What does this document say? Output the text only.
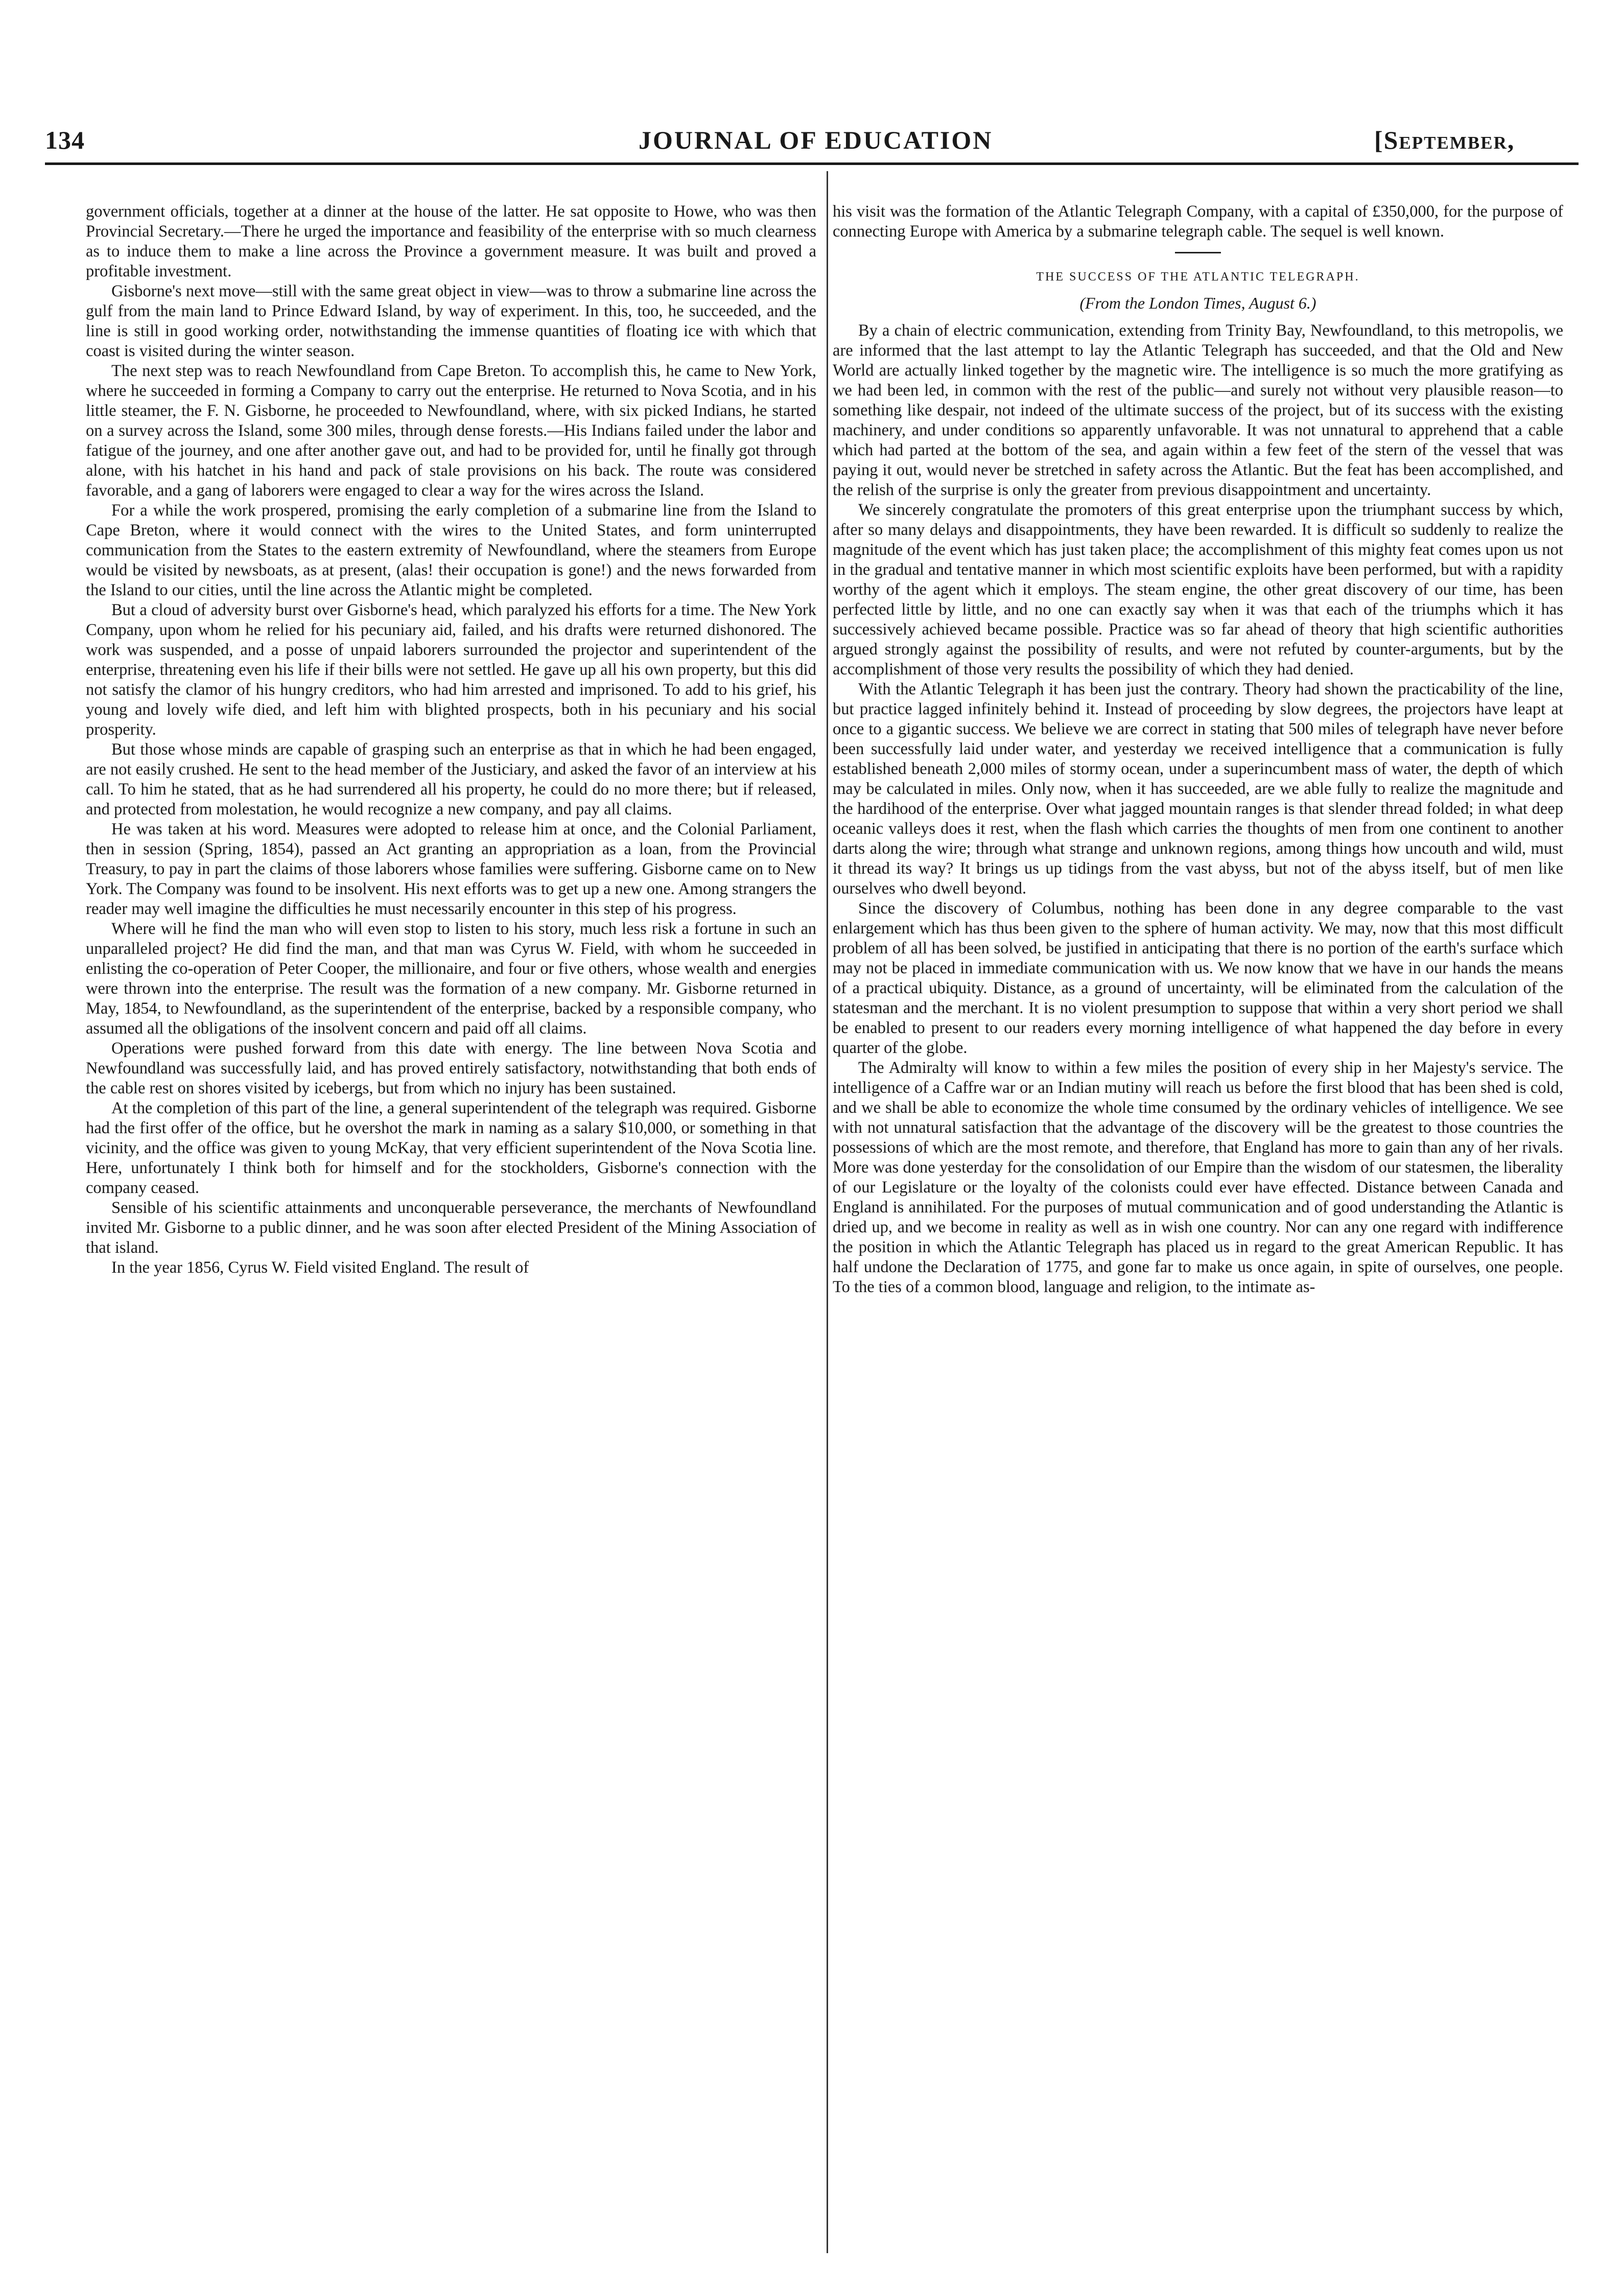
134	JOURNAL OF EDUCATION	[September,

government officials, together at a dinner at the house of the latter. He sat opposite to Howe, who was then Provincial Secretary.—There he urged the importance and feasibility of the enterprise with so much clearness as to induce them to make a line across the Province a government measure. It was built and proved a profitable investment.

Gisborne's next move—still with the same great object in view—was to throw a submarine line across the gulf from the main land to Prince Edward Island, by way of experiment. In this, too, he succeeded, and the line is still in good working order, notwithstanding the immense quantities of floating ice with which that coast is visited during the winter season.

The next step was to reach Newfoundland from Cape Breton. To accomplish this, he came to New York, where he succeeded in forming a Company to carry out the enterprise. He returned to Nova Scotia, and in his little steamer, the F. N. Gisborne, he proceeded to Newfoundland, where, with six picked Indians, he started on a survey across the Island, some 300 miles, through dense forests.—His Indians failed under the labor and fatigue of the journey, and one after another gave out, and had to be provided for, until he finally got through alone, with his hatchet in his hand and pack of stale provisions on his back. The route was considered favorable, and a gang of laborers were engaged to clear a way for the wires across the Island.

For a while the work prospered, promising the early completion of a submarine line from the Island to Cape Breton, where it would connect with the wires to the United States, and form uninterrupted communication from the States to the eastern extremity of Newfoundland, where the steamers from Europe would be visited by newsboats, as at present, (alas! their occupation is gone!) and the news forwarded from the Island to our cities, until the line across the Atlantic might be completed.

But a cloud of adversity burst over Gisborne's head, which paralyzed his efforts for a time. The New York Company, upon whom he relied for his pecuniary aid, failed, and his drafts were returned dishonored. The work was suspended, and a posse of unpaid laborers surrounded the projector and superintendent of the enterprise, threatening even his life if their bills were not settled. He gave up all his own property, but this did not satisfy the clamor of his hungry creditors, who had him arrested and imprisoned. To add to his grief, his young and lovely wife died, and left him with blighted prospects, both in his pecuniary and his social prosperity.

But those whose minds are capable of grasping such an enterprise as that in which he had been engaged, are not easily crushed. He sent to the head member of the Justiciary, and asked the favor of an interview at his call. To him he stated, that as he had surrendered all his property, he could do no more there; but if released, and protected from molestation, he would recognize a new company, and pay all claims.

He was taken at his word. Measures were adopted to release him at once, and the Colonial Parliament, then in session (Spring, 1854), passed an Act granting an appropriation as a loan, from the Provincial Treasury, to pay in part the claims of those laborers whose families were suffering. Gisborne came on to New York. The Company was found to be insolvent. His next efforts was to get up a new one. Among strangers the reader may well imagine the difficulties he must necessarily encounter in this step of his progress.

Where will he find the man who will even stop to listen to his story, much less risk a fortune in such an unparalleled project? He did find the man, and that man was Cyrus W. Field, with whom he succeeded in enlisting the co-operation of Peter Cooper, the millionaire, and four or five others, whose wealth and energies were thrown into the enterprise. The result was the formation of a new company. Mr. Gisborne returned in May, 1854, to Newfoundland, as the superintendent of the enterprise, backed by a responsible company, who assumed all the obligations of the insolvent concern and paid off all claims.

Operations were pushed forward from this date with energy. The line between Nova Scotia and Newfoundland was successfully laid, and has proved entirely satisfactory, notwithstanding that both ends of the cable rest on shores visited by icebergs, but from which no injury has been sustained.

At the completion of this part of the line, a general superintendent of the telegraph was required. Gisborne had the first offer of the office, but he overshot the mark in naming as a salary $10,000, or something in that vicinity, and the office was given to young McKay, that very efficient superintendent of the Nova Scotia line. Here, unfortunately I think both for himself and for the stockholders, Gisborne's connection with the company ceased.

Sensible of his scientific attainments and unconquerable perseverance, the merchants of Newfoundland invited Mr. Gisborne to a public dinner, and he was soon after elected President of the Mining Association of that island.

In the year 1856, Cyrus W. Field visited England. The result of

his visit was the formation of the Atlantic Telegraph Company, with a capital of £350,000, for the purpose of connecting Europe with America by a submarine telegraph cable. The sequel is well known.

THE SUCCESS OF THE ATLANTIC TELEGRAPH.
(From the London Times, August 6.)

By a chain of electric communication, extending from Trinity Bay, Newfoundland, to this metropolis, we are informed that the last attempt to lay the Atlantic Telegraph has succeeded, and that the Old and New World are actually linked together by the magnetic wire. The intelligence is so much the more gratifying as we had been led, in common with the rest of the public—and surely not without very plausible reason—to something like despair, not indeed of the ultimate success of the project, but of its success with the existing machinery, and under conditions so apparently unfavorable. It was not unnatural to apprehend that a cable which had parted at the bottom of the sea, and again within a few feet of the stern of the vessel that was paying it out, would never be stretched in safety across the Atlantic. But the feat has been accomplished, and the relish of the surprise is only the greater from previous disappointment and uncertainty.

We sincerely congratulate the promoters of this great enterprise upon the triumphant success by which, after so many delays and disappointments, they have been rewarded. It is difficult so suddenly to realize the magnitude of the event which has just taken place; the accomplishment of this mighty feat comes upon us not in the gradual and tentative manner in which most scientific exploits have been performed, but with a rapidity worthy of the agent which it employs. The steam engine, the other great discovery of our time, has been perfected little by little, and no one can exactly say when it was that each of the triumphs which it has successively achieved became possible. Practice was so far ahead of theory that high scientific authorities argued strongly against the possibility of results, and were not refuted by counter-arguments, but by the accomplishment of those very results the possibility of which they had denied.

With the Atlantic Telegraph it has been just the contrary. Theory had shown the practicability of the line, but practice lagged infinitely behind it. Instead of proceeding by slow degrees, the projectors have leapt at once to a gigantic success. We believe we are correct in stating that 500 miles of telegraph have never before been successfully laid under water, and yesterday we received intelligence that a communication is fully established beneath 2,000 miles of stormy ocean, under a superincumbent mass of water, the depth of which may be calculated in miles. Only now, when it has succeeded, are we able fully to realize the magnitude and the hardihood of the enterprise. Over what jagged mountain ranges is that slender thread folded; in what deep oceanic valleys does it rest, when the flash which carries the thoughts of men from one continent to another darts along the wire; through what strange and unknown regions, among things how uncouth and wild, must it thread its way? It brings us up tidings from the vast abyss, but not of the abyss itself, but of men like ourselves who dwell beyond.

Since the discovery of Columbus, nothing has been done in any degree comparable to the vast enlargement which has thus been given to the sphere of human activity. We may, now that this most difficult problem of all has been solved, be justified in anticipating that there is no portion of the earth's surface which may not be placed in immediate communication with us. We now know that we have in our hands the means of a practical ubiquity. Distance, as a ground of uncertainty, will be eliminated from the calculation of the statesman and the merchant. It is no violent presumption to suppose that within a very short period we shall be enabled to present to our readers every morning intelligence of what happened the day before in every quarter of the globe.

The Admiralty will know to within a few miles the position of every ship in her Majesty's service. The intelligence of a Caffre war or an Indian mutiny will reach us before the first blood that has been shed is cold, and we shall be able to economize the whole time consumed by the ordinary vehicles of intelligence. We see with not unnatural satisfaction that the advantage of the discovery will be the greatest to those countries the possessions of which are the most remote, and therefore, that England has more to gain than any of her rivals. More was done yesterday for the consolidation of our Empire than the wisdom of our statesmen, the liberality of our Legislature or the loyalty of the colonists could ever have effected. Distance between Canada and England is annihilated. For the purposes of mutual communication and of good understanding the Atlantic is dried up, and we become in reality as well as in wish one country. Nor can any one regard with indifference the position in which the Atlantic Telegraph has placed us in regard to the great American Republic. It has half undone the Declaration of 1775, and gone far to make us once again, in spite of ourselves, one people. To the ties of a common blood, language and religion, to the intimate as-
